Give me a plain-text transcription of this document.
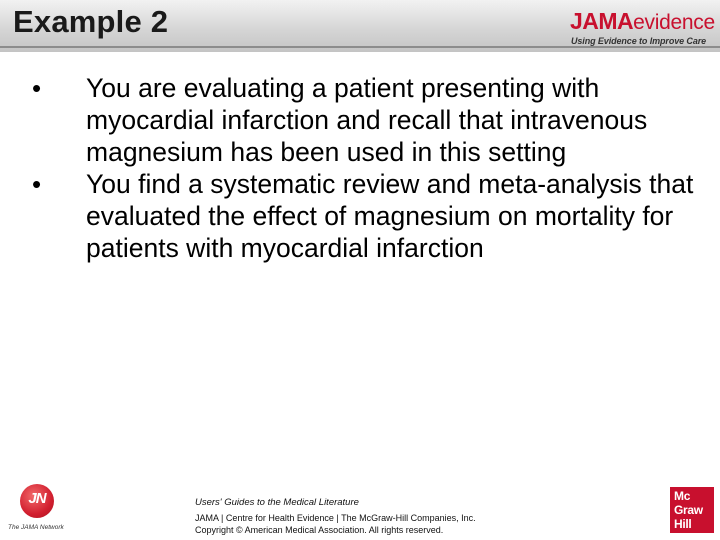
Example 2	JAMAevidence
Using Evidence to Improve Care
• You are evaluating a patient presenting with myocardial infarction and recall that intravenous magnesium has been used in this setting
• You find a systematic review and meta-analysis that evaluated the effect of magnesium on mortality for patients with myocardial infarction
JN
The JAMA Network
Users' Guides to the Medical Literature
JAMA | Centre for Health Evidence | The McGraw-Hill Companies, Inc.
Copyright © American Medical Association. All rights reserved.
Mc
Graw
Hill
